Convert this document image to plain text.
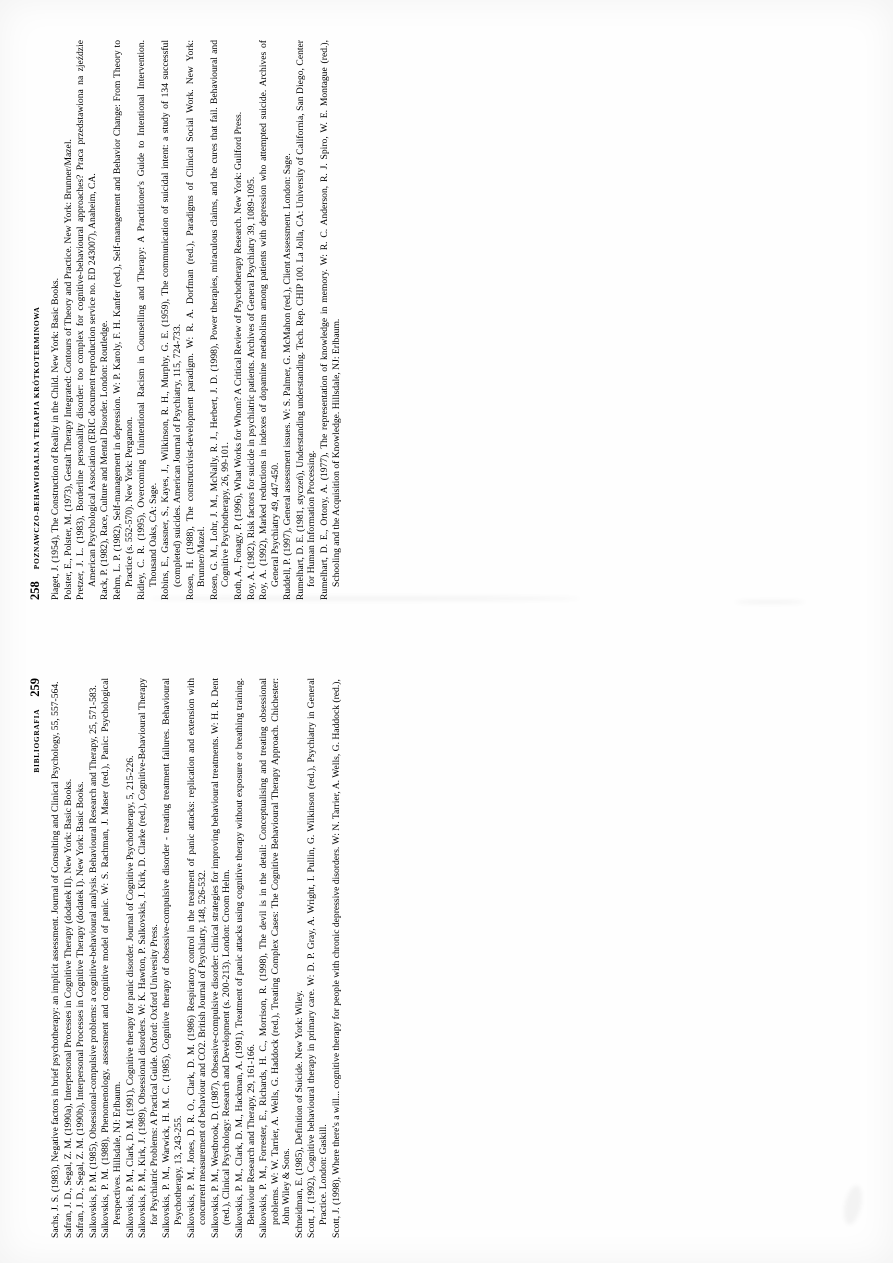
258
POZNAWCZO-BEHAWIORALNA TERAPIA KRÓTKOTERMINOWA Piaget, J. (1954), The Construction of Reality in the Child. New York: Basic Books. Polster, E., Polster, M. (1973), Gestalt Therapy Integrated: Contours of Theory and Practice. New York: Brunner/Mazel. Pretzer, J. L. (1983), Borderline personality disorder: too complex for cognitive-behavioural approaches? Praca przedstawiona na zjeździe American Psychological Association (ERIC document reproduction service no. ED 243007), Anaheim, CA. Rack, P. (1982), Race, Culture and Mental Disorder. London: Routledge. Rehm, L. P. (1982), Self-management in depression. W: P. Karoly, F. H. Kanfer (red.), Self-management and Behavior Change: From Theory to Practice (s. 552-570). New York: Pergamon. Ridley, C. R. (1995), Overcoming Unintentional Racism in Counselling and Therapy: A Practitioner's Guide to Intentional Intervention. Thousand Oaks, CA: Sage. Robins, E., Gassner, S., Kayes, J., Wilkinson, R. H., Murphy, G. E. (1959), The communication of suicidal intent: a study of 134 successful (completed) suicides. American Journal of Psychiatry, 115, 724-733. Rosen, H. (1988), The constructivist-development paradigm. W: R. A. Dorfman (red.), Paradigms of Clinical Social Work. New York: Brunner/Mazel. Rosen, G. M., Lohr, J. M., McNally, R. J., Herbert, J. D. (1998), Power therapies, miraculous claims, and the cures that fail. Behavioural and Cognitive Psychotherapy, 26, 99-101. Roth, A., Fonagy, P. (1996), What Works for Whom? A Critical Review of Psychotherapy Research. New York: Guilford Press. Roy, A. (1982), Risk factors for suicide in psychiatric patients. Archives of General Psychiatry 39, 1089-1095. Roy, A. (1992), Marked reductions in indexes of dopamine metabolism among patients with depression who attempted suicide. Archives of General Psychiatry 49, 447-450. Ruddell, P. (1997), General assessment issues. W: S. Palmer, G. McMahon (red.), Client Assessment. London: Sage. Rumelhart, D. E. (1981, styczeń), Understanding understanding. Tech. Rep. CHIP 100. La Jolla, CA: University of California, San Diego, Center for Human Information Processing. Rumelhart, D. E., Ortony, A. (1977), The representation of knowledge in memory. W: R. C. Anderson, R. J. Spiro, W. E. Montague (red.), Schooling and the Acquisition of Knowledge. Hillsdale, NJ: Erlbaum.
BIBLIOGRAFIA
259 Sachs, J. S. (1983), Negative factors in brief psychotherapy: an implicit assessment. Journal of Consulting and Clinical Psychology, 55, 557-564. Safran, J. D., Segal, Z. M. (1990a), Interpersonal Processes in Cognitive Therapy (dodatek II). New York: Basic Books. Safran, J. D., Segal, Z. M. (1990b), Interpersonal Processes in Cognitive Therapy (dodatek I). New York: Basic Books. Salkovskis, P. M. (1985), Obsessional-compulsive problems: a cognitive-behavioural analysis. Behavioural Research and Therapy, 25, 571-583. Salkovskis, P. M. (1988), Phenomenology, assessment and cognitive model of panic. W: S. Rachman, J. Maser (red.), Panic: Psychological Perspectives. Hillsdale, NJ: Erlbaum. Salkovskis, P. M., Clark, D. M. (1991), Cognitive therapy for panic disorder. Journal of Cognitive Psychotherapy, 5, 215-226. Salkovskis, P. M., Kirk, J. (1989), Obsessional disorders. W: K. Hawton, P. Salkovskis, J. Kirk, D. Clarke (red.), Cognitive-Behavioural Therapy for Psychiatric Problems: A Practical Guide. Oxford: Oxford University Press. Salkovskis, P. M., Warwick, H. M. C. (1985), Cognitive therapy of obsessive-compulsive disorder - treating treatment failures. Behavioural Psychotherapy, 13, 243-255. Salkovskis, P. M., Jones, D. R. O., Clark, D. M. (1986) Respiratory control in the treatment of panic attacks: replication and extension with concurrent measurement of behaviour and CO2. British Journal of Psychiatry, 148, 526-532. Salkovskis, P. M., Westbrook, D. (1987), Obsessive-compulsive disorder: clinical strategies for improving behavioural treatments. W: H. R. Dent (red.), Clinical Psychology: Research and Development (s. 200-213). London: Croom Helm. Salkovskis, P. M., Clark, D. M., Hackman, A. (1991), Treatment of panic attacks using cognitive therapy without exposure or breathing training. Behaviour Research and Therapy, 29, 161-166. Salkovskis, P. M., Forrester, E., Richards, H. C., Morrison, R. (1998), The devil is in the detail: Conceptualising and treating obsessional problems. W: W. Tarrier, A. Wells, G. Haddock (red.), Treating Complex Cases: The Cognitive Behavioural Therapy Approach. Chichester: John Wiley & Sons. Schneidman, E. (1985), Definition of Suicide. New York: Wiley. Scott, J. (1992), Cognitive behavioural therapy in primary care. W: D. P. Gray, A. Wright, I. Pullin, G. Wilkinson (red.), Psychiatry in General Practice. London: Gaskill. Scott, J. (1998), Where there's a will... cognitive therapy for people with chronic depressive disorders. W: N. Tarrier, A. Wells, G. Haddock (red.),
